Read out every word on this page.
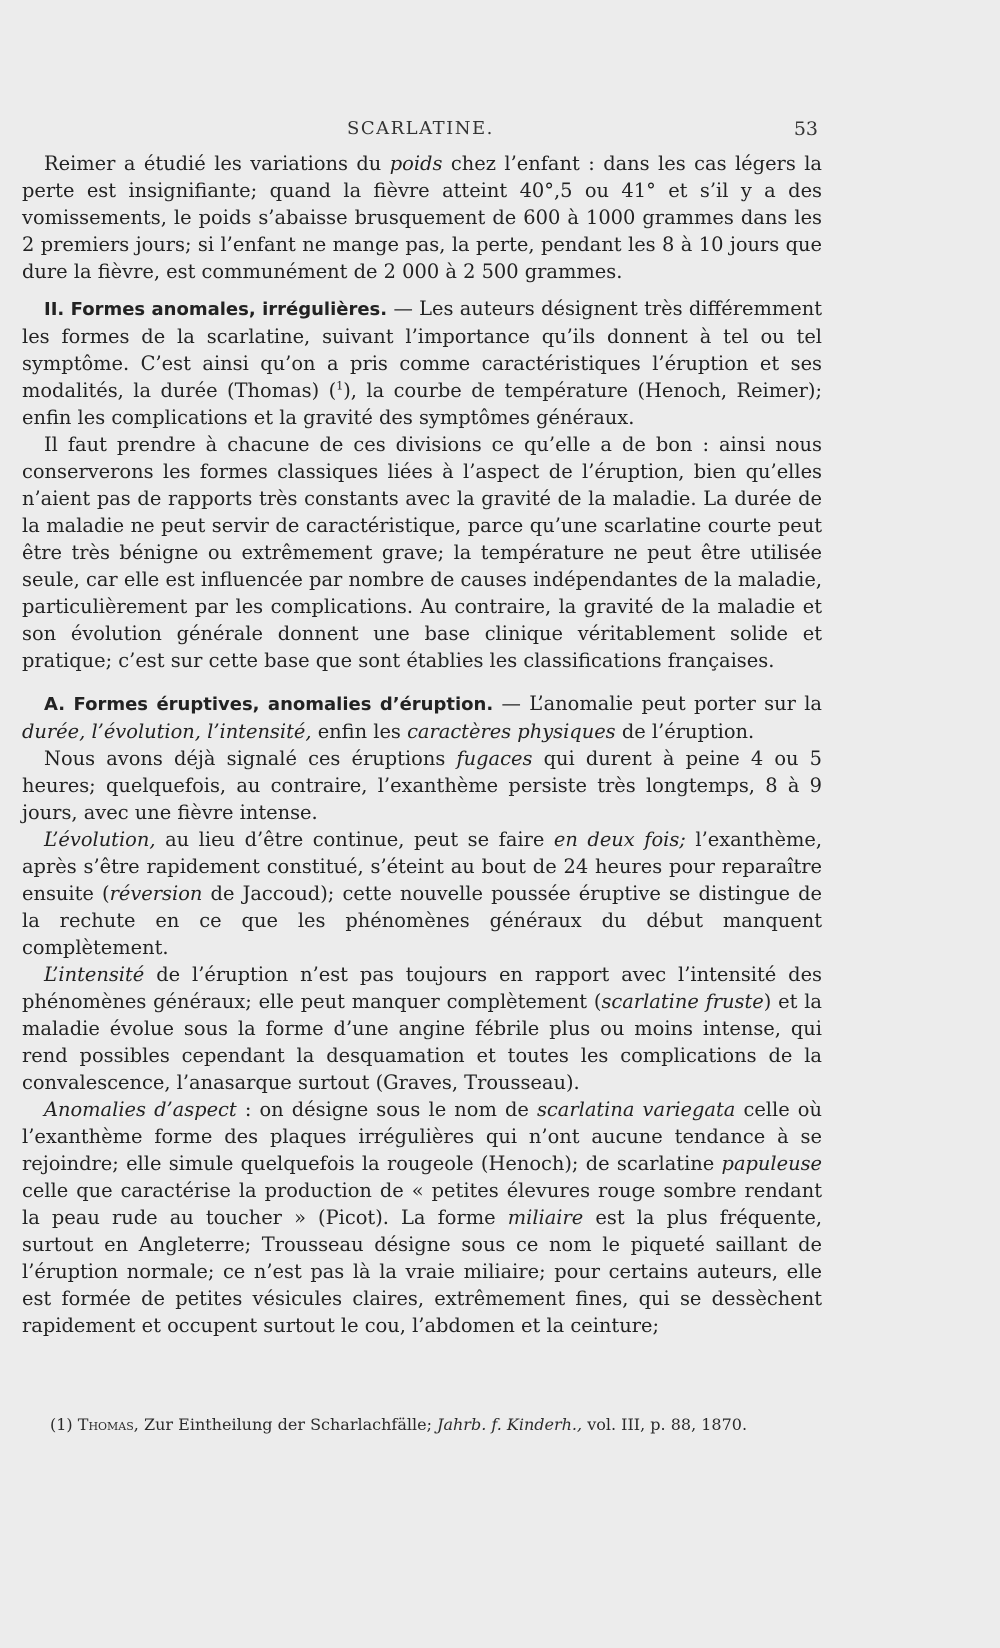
SCARLATINE.	53

Reimer a étudié les variations du poids chez l’enfant : dans les cas légers la perte est insignifiante; quand la fièvre atteint 40°,5 ou 41° et s’il y a des vomissements, le poids s’abaisse brusquement de 600 à 1000 grammes dans les 2 premiers jours; si l’enfant ne mange pas, la perte, pendant les 8 à 10 jours que dure la fièvre, est communément de 2 000 à 2 500 grammes.

II. Formes anomales, irrégulières. — Les auteurs désignent très différemment les formes de la scarlatine, suivant l’importance qu’ils donnent à tel ou tel symptôme. C’est ainsi qu’on a pris comme caractéristiques l’éruption et ses modalités, la durée (Thomas) ($^1$), la courbe de température (Henoch, Reimer); enfin les complications et la gravité des symptômes généraux.

Il faut prendre à chacune de ces divisions ce qu’elle a de bon : ainsi nous conserverons les formes classiques liées à l’aspect de l’éruption, bien qu’elles n’aient pas de rapports très constants avec la gravité de la maladie. La durée de la maladie ne peut servir de caractéristique, parce qu’une scarlatine courte peut être très bénigne ou extrêmement grave; la température ne peut être utilisée seule, car elle est influencée par nombre de causes indépendantes de la maladie, particulièrement par les complications. Au contraire, la gravité de la maladie et son évolution générale donnent une base clinique véritablement solide et pratique; c’est sur cette base que sont établies les classifications françaises.

A. Formes éruptives, anomalies d’éruption. — L’anomalie peut porter sur la durée, l’évolution, l’intensité, enfin les caractères physiques de l’éruption.

Nous avons déjà signalé ces éruptions fugaces qui durent à peine 4 ou 5 heures; quelquefois, au contraire, l’exanthème persiste très longtemps, 8 à 9 jours, avec une fièvre intense.

L’évolution, au lieu d’être continue, peut se faire en deux fois; l’exanthème, après s’être rapidement constitué, s’éteint au bout de 24 heures pour reparaître ensuite (réversion de Jaccoud); cette nouvelle poussée éruptive se distingue de la rechute en ce que les phénomènes généraux du début manquent complètement.

L’intensité de l’éruption n’est pas toujours en rapport avec l’intensité des phénomènes généraux; elle peut manquer complètement (scarlatine fruste) et la maladie évolue sous la forme d’une angine fébrile plus ou moins intense, qui rend possibles cependant la desquamation et toutes les complications de la convalescence, l’anasarque surtout (Graves, Trousseau).

Anomalies d’aspect : on désigne sous le nom de scarlatina variegata celle où l’exanthème forme des plaques irrégulières qui n’ont aucune tendance à se rejoindre; elle simule quelquefois la rougeole (Henoch); de scarlatine papuleuse celle que caractérise la production de « petites élevures rouge sombre rendant la peau rude au toucher » (Picot). La forme miliaire est la plus fréquente, surtout en Angleterre; Trousseau désigne sous ce nom le piqueté saillant de l’éruption normale; ce n’est pas là la vraie miliaire; pour certains auteurs, elle est formée de petites vésicules claires, extrêmement fines, qui se dessèchent rapidement et occupent surtout le cou, l’abdomen et la ceinture;

(1) Thomas, Zur Eintheilung der Scharlachfälle; Jahrb. f. Kinderh., vol. III, p. 88, 1870.
